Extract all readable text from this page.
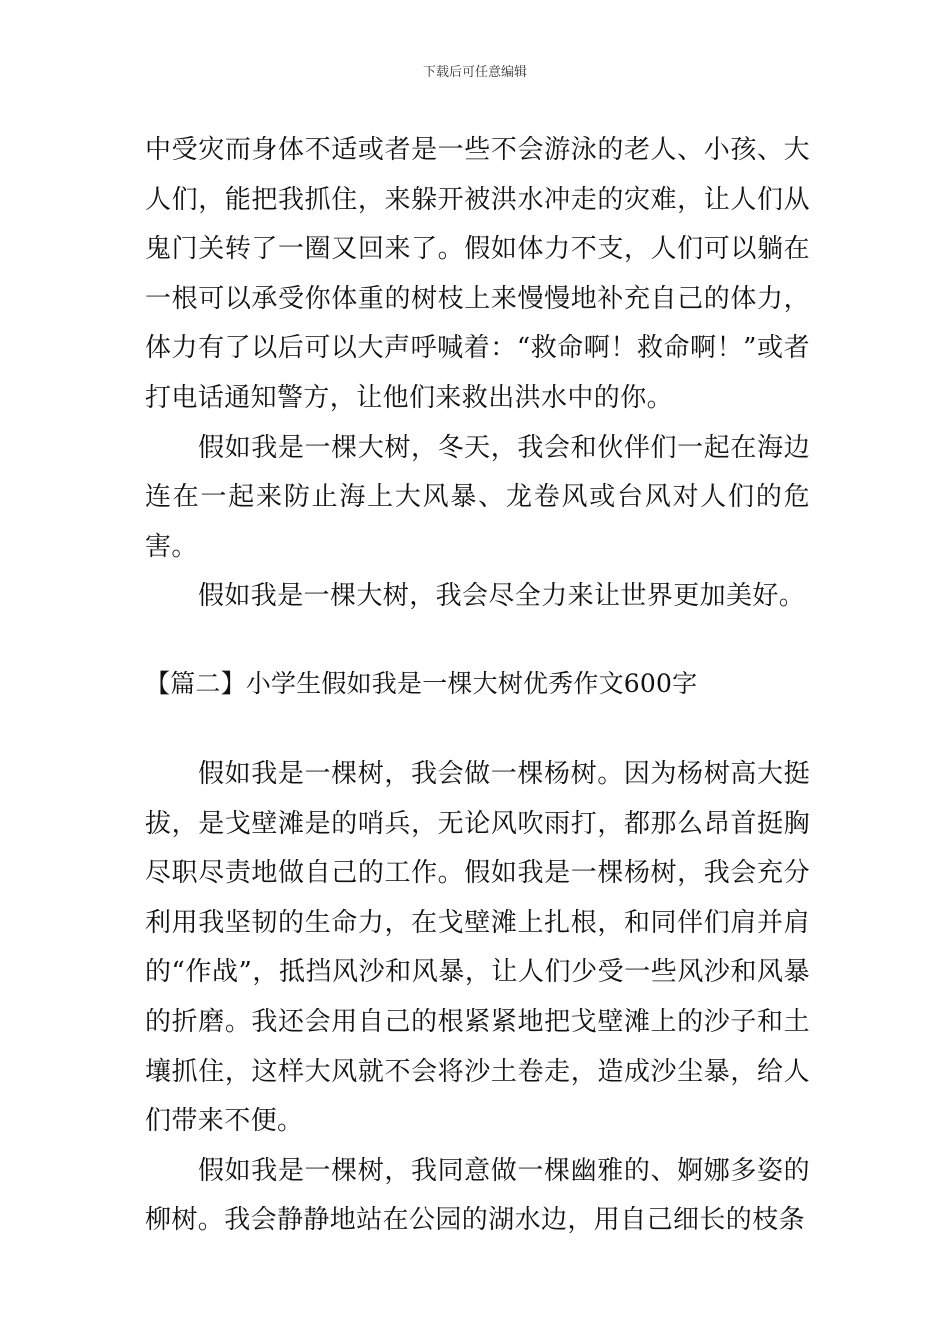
下载后可任意编辑

中受灾而身体不适或者是一些不会游泳的老人、小孩、大人们，能把我抓住，来躲开被洪水冲走的灾难，让人们从鬼门关转了一圈又回来了。假如体力不支，人们可以躺在一根可以承受你体重的树枝上来慢慢地补充自己的体力，体力有了以后可以大声呼喊着：“救命啊！救命啊！”或者打电话通知警方，让他们来救出洪水中的你。

假如我是一棵大树，冬天，我会和伙伴们一起在海边连在一起来防止海上大风暴、龙卷风或台风对人们的危害。

假如我是一棵大树，我会尽全力来让世界更加美好。

【篇二】小学生假如我是一棵大树优秀作文600字

假如我是一棵树，我会做一棵杨树。因为杨树高大挺拔，是戈壁滩是的哨兵，无论风吹雨打，都那么昂首挺胸尽职尽责地做自己的工作。假如我是一棵杨树，我会充分利用我坚韧的生命力，在戈壁滩上扎根，和同伴们肩并肩的“作战”，抵挡风沙和风暴，让人们少受一些风沙和风暴的折磨。我还会用自己的根紧紧地把戈壁滩上的沙子和土壤抓住，这样大风就不会将沙土卷走，造成沙尘暴，给人们带来不便。

假如我是一棵树，我同意做一棵幽雅的、婀娜多姿的柳树。我会静静地站在公园的湖水边，用自己细长的枝条
